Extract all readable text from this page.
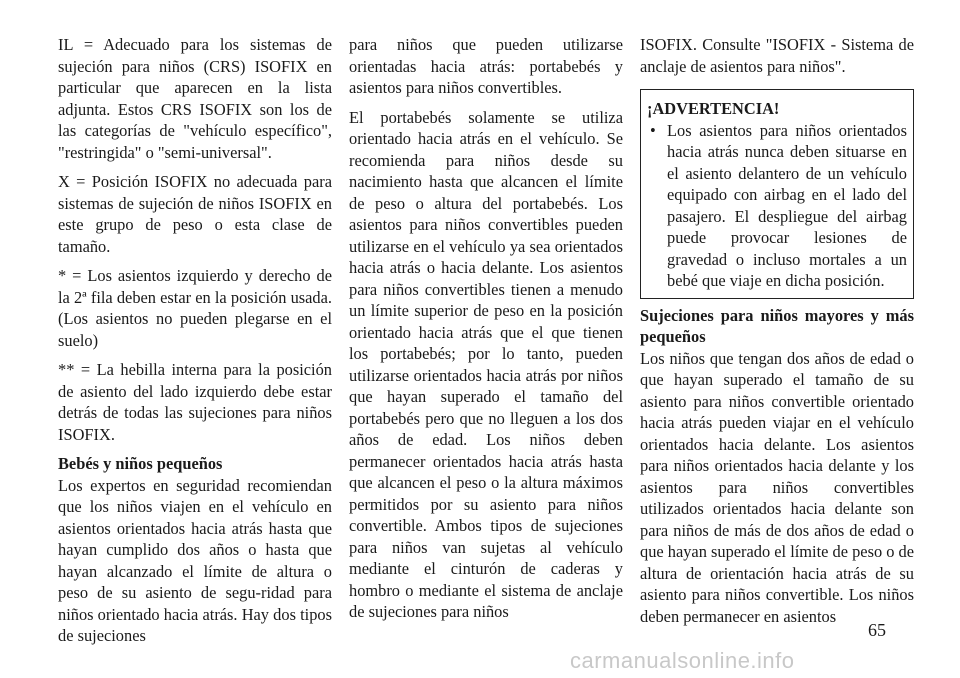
IL = Adecuado para los sistemas de sujeción para niños (CRS) ISOFIX en particular que aparecen en la lista adjunta. Estos CRS ISOFIX son los de las categorías de "vehículo específico", "restringida" o "semi-universal".

X = Posición ISOFIX no adecuada para sistemas de sujeción de niños ISOFIX en este grupo de peso o esta clase de tamaño.

* = Los asientos izquierdo y derecho de la 2ª fila deben estar en la posición usada. (Los asientos no pueden plegarse en el suelo)

** = La hebilla interna para la posición de asiento del lado izquierdo debe estar detrás de todas las sujeciones para niños ISOFIX.

Bebés y niños pequeños
Los expertos en seguridad recomiendan que los niños viajen en el vehículo en asientos orientados hacia atrás hasta que hayan cumplido dos años o hasta que hayan alcanzado el límite de altura o peso de su asiento de segu-ridad para niños orientado hacia atrás. Hay dos tipos de sujeciones

para niños que pueden utilizarse orientadas hacia atrás: portabebés y asientos para niños convertibles.

El portabebés solamente se utiliza orientado hacia atrás en el vehículo. Se recomienda para niños desde su nacimiento hasta que alcancen el límite de peso o altura del portabebés. Los asientos para niños convertibles pueden utilizarse en el vehículo ya sea orientados hacia atrás o hacia delante. Los asientos para niños convertibles tienen a menudo un límite superior de peso en la posición orientado hacia atrás que el que tienen los portabebés; por lo tanto, pueden utilizarse orientados hacia atrás por niños que hayan superado el tamaño del portabebés pero que no lleguen a los dos años de edad. Los niños deben permanecer orientados hacia atrás hasta que alcancen el peso o la altura máximos permitidos por su asiento para niños convertible. Ambos tipos de sujeciones para niños van sujetas al vehículo mediante el cinturón de caderas y hombro o mediante el sistema de anclaje de sujeciones para niños

ISOFIX. Consulte "ISOFIX - Sistema de anclaje de asientos para niños".

¡ADVERTENCIA!
• Los asientos para niños orientados hacia atrás nunca deben situarse en el asiento delantero de un vehículo equipado con airbag en el lado del pasajero. El despliegue del airbag puede provocar lesiones de gravedad o incluso mortales a un bebé que viaje en dicha posición.

Sujeciones para niños mayores y más pequeños
Los niños que tengan dos años de edad o que hayan superado el tamaño de su asiento para niños convertible orientado hacia atrás pueden viajar en el vehículo orientados hacia delante. Los asientos para niños orientados hacia delante y los asientos para niños convertibles utilizados orientados hacia delante son para niños de más de dos años de edad o que hayan superado el límite de peso o de altura de orientación hacia atrás de su asiento para niños convertible. Los niños deben permanecer en asientos

65
carmanualsonline.info
